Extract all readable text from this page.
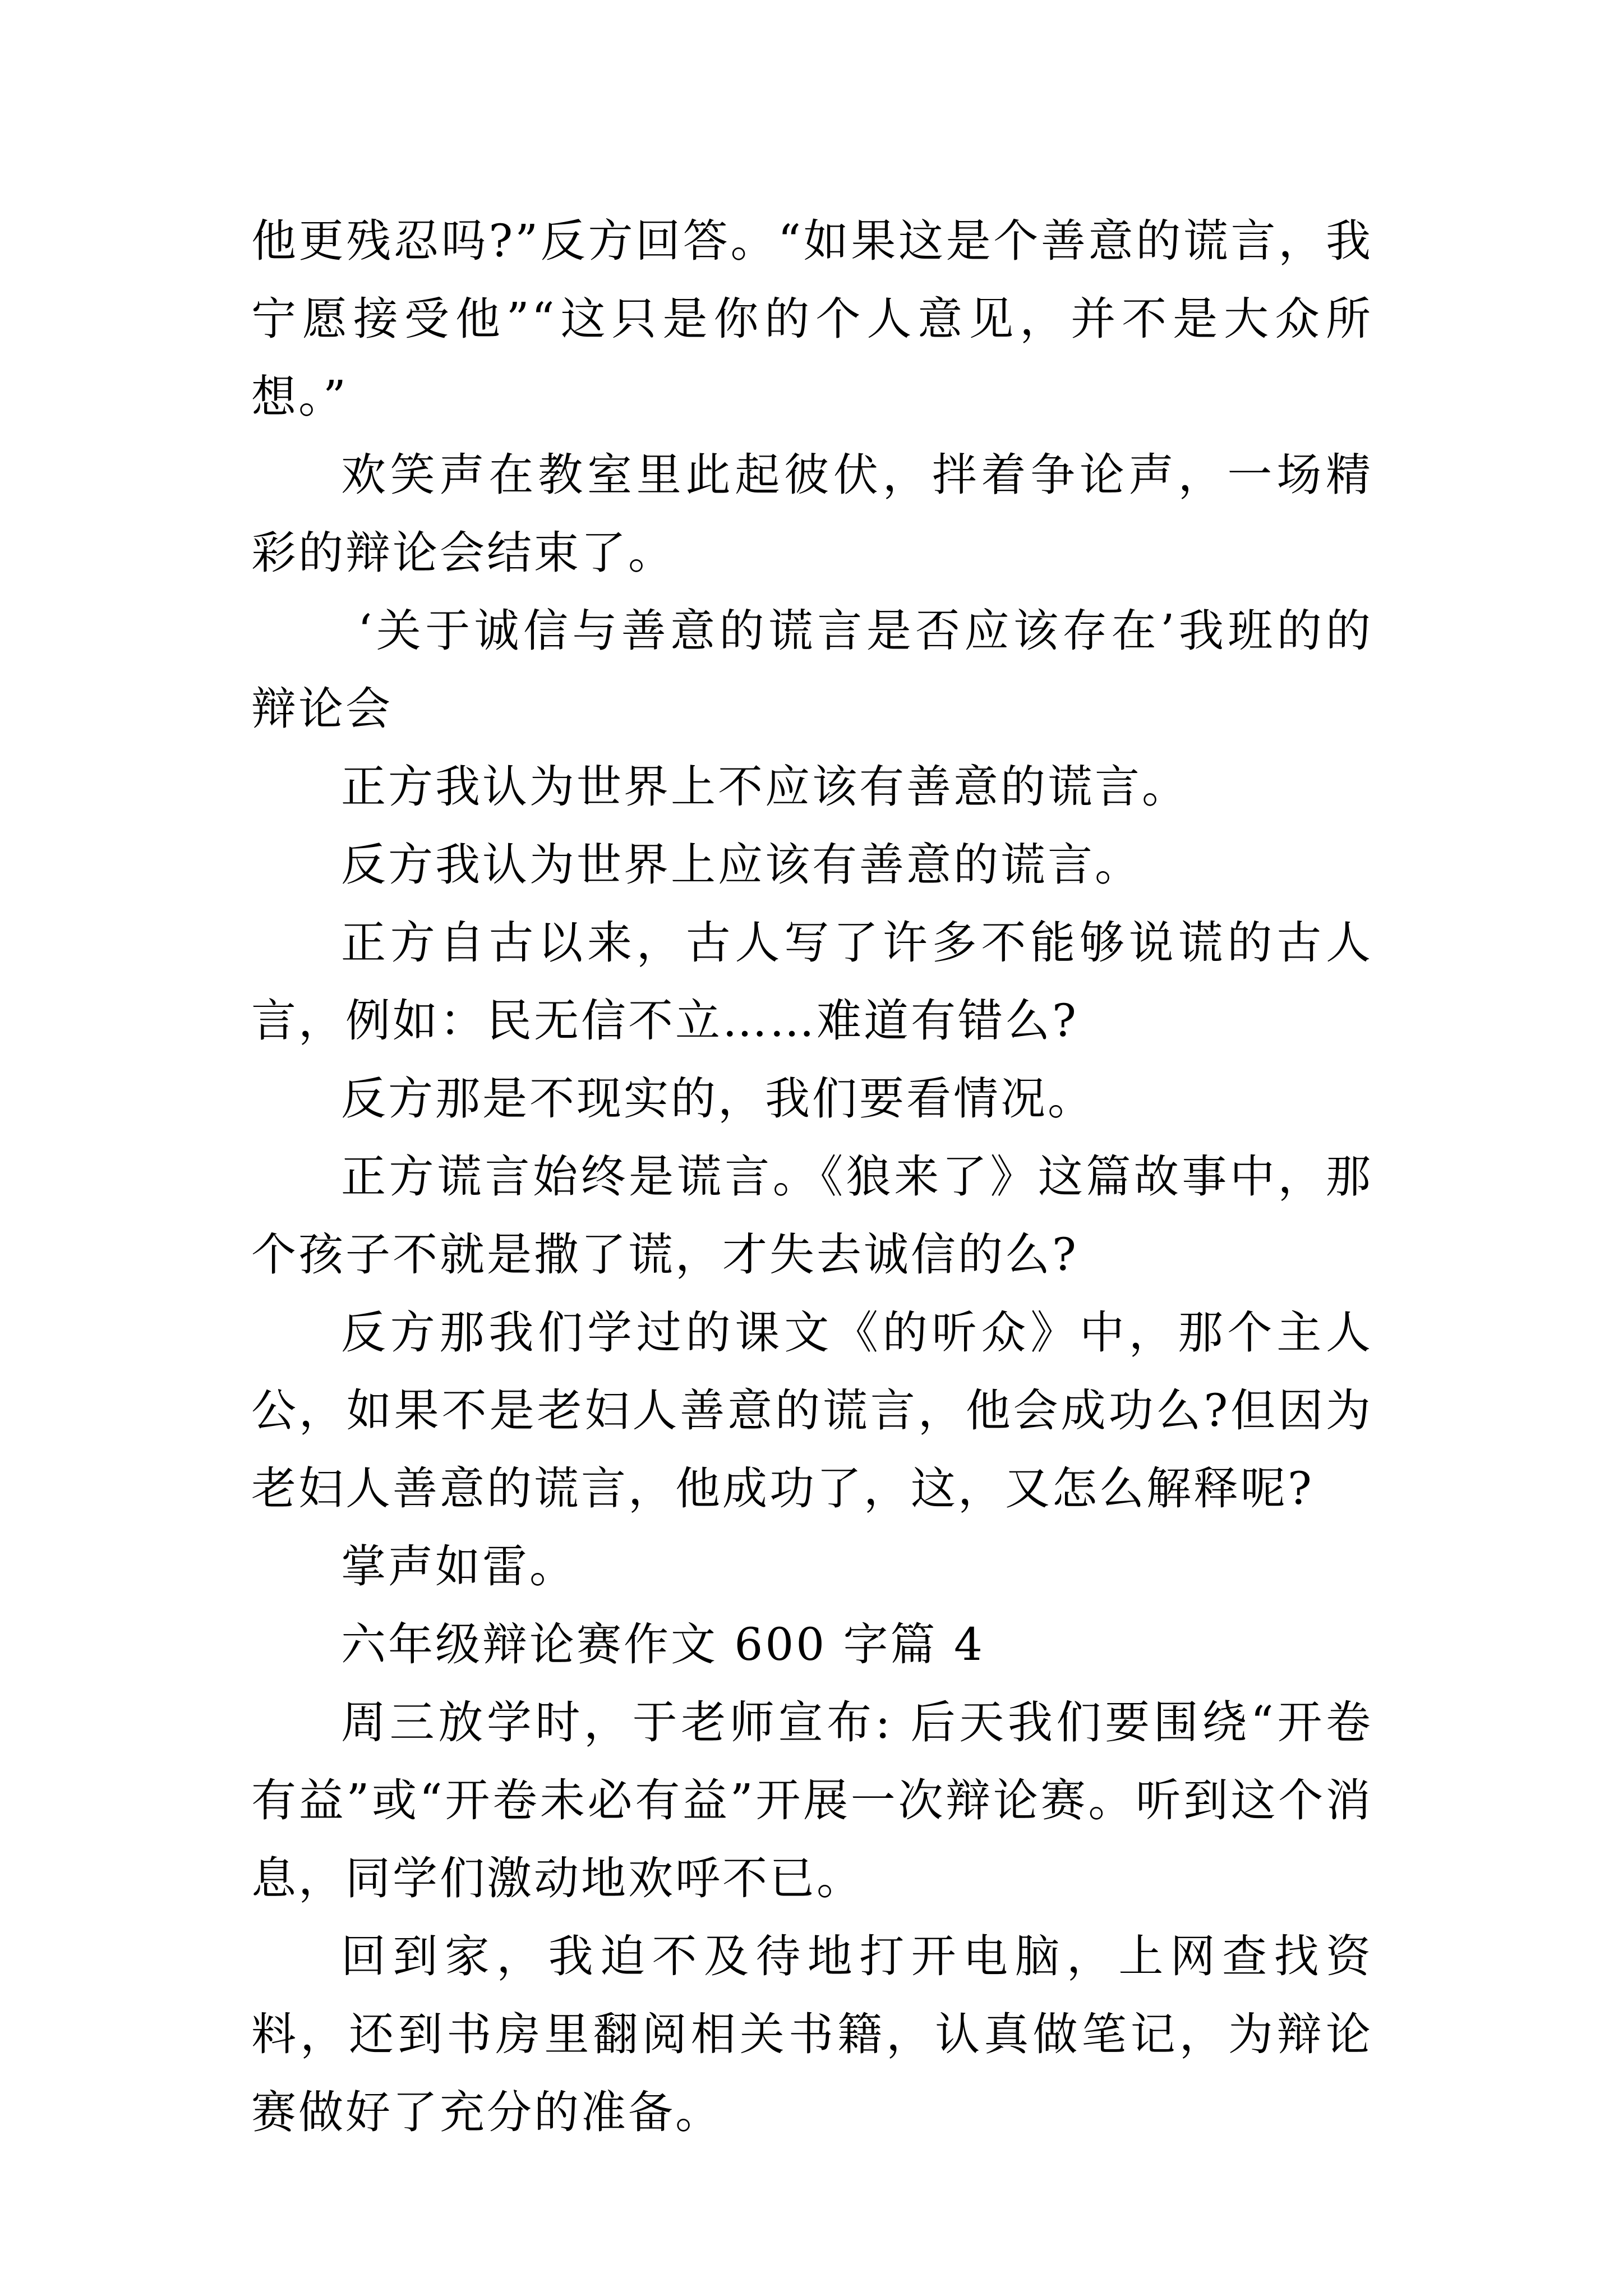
他更残忍吗?”反方回答。“如果这是个善意的谎言，我宁愿接受他”“这只是你的个人意见，并不是大众所想。”

欢笑声在教室里此起彼伏，拌着争论声，一场精彩的辩论会结束了。

‘关于诚信与善意的谎言是否应该存在’我班的的辩论会

正方我认为世界上不应该有善意的谎言。

反方我认为世界上应该有善意的谎言。

正方自古以来，古人写了许多不能够说谎的古人言，例如：民无信不立……难道有错么?

反方那是不现实的，我们要看情况。

正方谎言始终是谎言。《狼来了》这篇故事中，那个孩子不就是撒了谎，才失去诚信的么?

反方那我们学过的课文《的听众》中，那个主人公，如果不是老妇人善意的谎言，他会成功么?但因为老妇人善意的谎言，他成功了，这，又怎么解释呢?

掌声如雷。

六年级辩论赛作文 600 字篇 4

周三放学时，于老师宣布: 后天我们要围绕“开卷有益”或“开卷未必有益”开展一次辩论赛。听到这个消息，同学们激动地欢呼不已。

回到家，我迫不及待地打开电脑，上网查找资料，还到书房里翻阅相关书籍，认真做笔记，为辩论赛做好了充分的准备。
